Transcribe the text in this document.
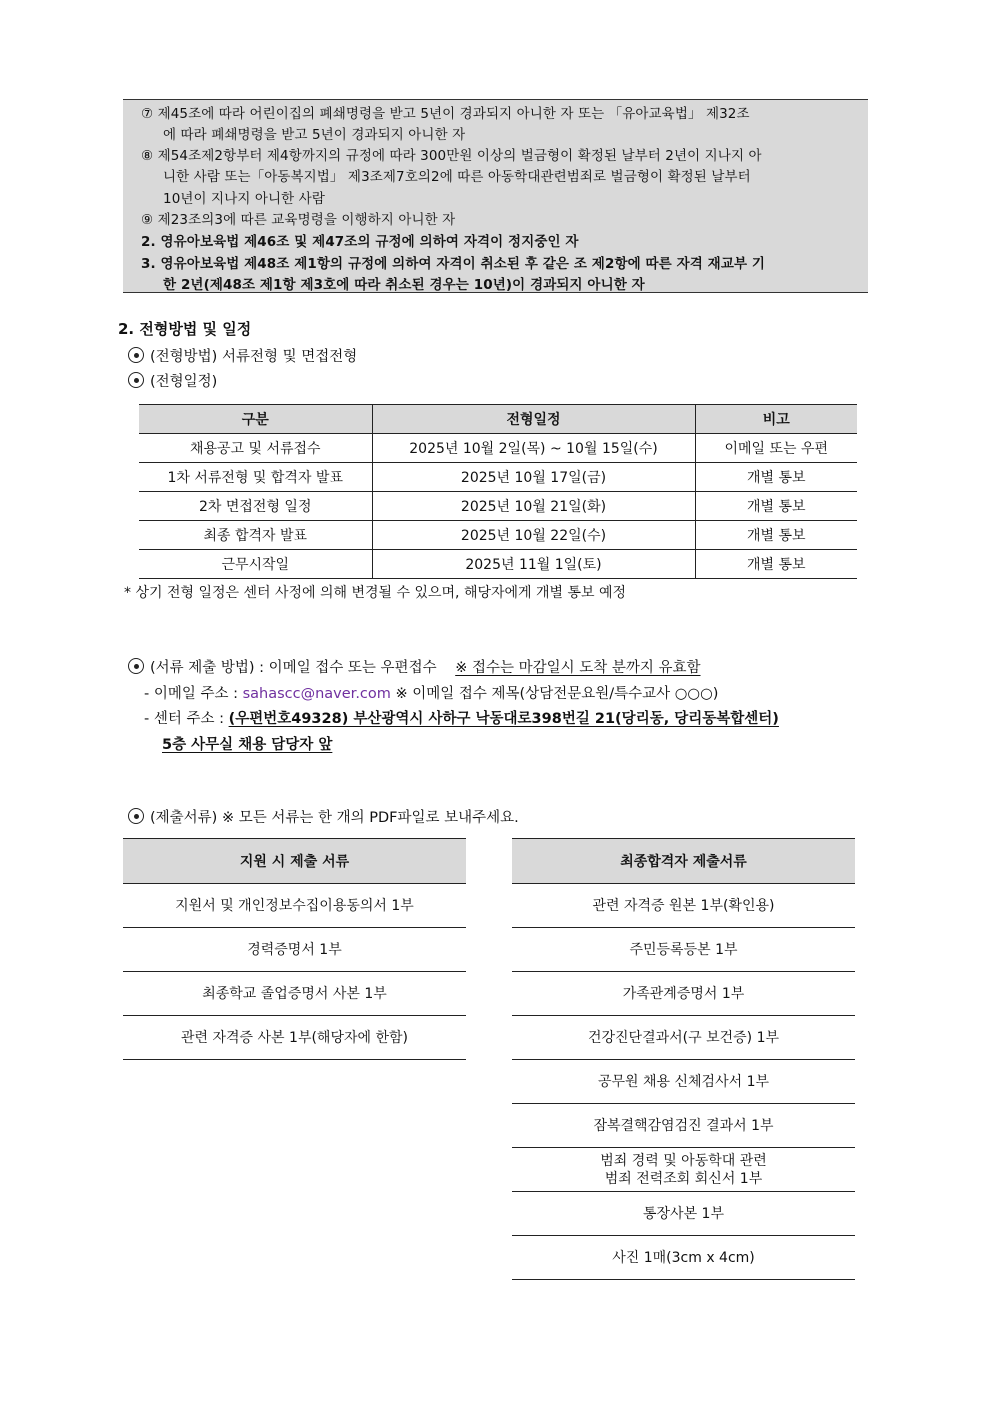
⑦ 제45조에 따라 어린이집의 폐쇄명령을 받고 5년이 경과되지 아니한 자 또는 「유아교육법」 제32조
에 따라 폐쇄명령을 받고 5년이 경과되지 아니한 자
⑧ 제54조제2항부터 제4항까지의 규정에 따라 300만원 이상의 벌금형이 확정된 날부터 2년이 지나지 아
니한 사람 또는「아동복지법」 제3조제7호의2에 따른 아동학대관련범죄로 벌금형이 확정된 날부터
10년이 지나지 아니한 사람
⑨ 제23조의3에 따른 교육명령을 이행하지 아니한 자
2. 영유아보육법 제46조 및 제47조의 규정에 의하여 자격이 정지중인 자
3. 영유아보육법 제48조 제1항의 규정에 의하여 자격이 취소된 후 같은 조 제2항에 따른 자격 재교부 기
한 2년(제48조 제1항 제3호에 따라 취소된 경우는 10년)이 경과되지 아니한 자
2. 전형방법 및 일정
(전형방법) 서류전형 및 면접전형
(전형일정)
구분	전형일정	비고
채용공고 및 서류접수	2025년 10월 2일(목) ~ 10월 15일(수)	이메일 또는 우편
1차 서류전형 및 합격자 발표	2025년 10월 17일(금)	개별 통보
2차 면접전형 일정	2025년 10월 21일(화)	개별 통보
최종 합격자 발표	2025년 10월 22일(수)	개별 통보
근무시작일	2025년 11월 1일(토)	개별 통보
* 상기 전형 일정은 센터 사정에 의해 변경될 수 있으며, 해당자에게 개별 통보 예정
(서류 제출 방법) : 이메일 접수 또는 우편접수 ※ 접수는 마감일시 도착 분까지 유효함
- 이메일 주소 : sahascc@naver.com ※ 이메일 접수 제목(상담전문요원/특수교사 ○○○)
- 센터 주소 : (우편번호49328) 부산광역시 사하구 낙동대로398번길 21(당리동, 당리동복합센터)
5층 사무실 채용 담당자 앞
(제출서류) ※ 모든 서류는 한 개의 PDF파일로 보내주세요.
지원 시 제출 서류
지원서 및 개인정보수집이용동의서 1부
경력증명서 1부
최종학교 졸업증명서 사본 1부
관련 자격증 사본 1부(해당자에 한함)
최종합격자 제출서류
관련 자격증 원본 1부(확인용)
주민등록등본 1부
가족관계증명서 1부
건강진단결과서(구 보건증) 1부
공무원 채용 신체검사서 1부
잠복결핵감염검진 결과서 1부
범죄 경력 및 아동학대 관련
범죄 전력조회 회신서 1부
통장사본 1부
사진 1매(3cm x 4cm)
